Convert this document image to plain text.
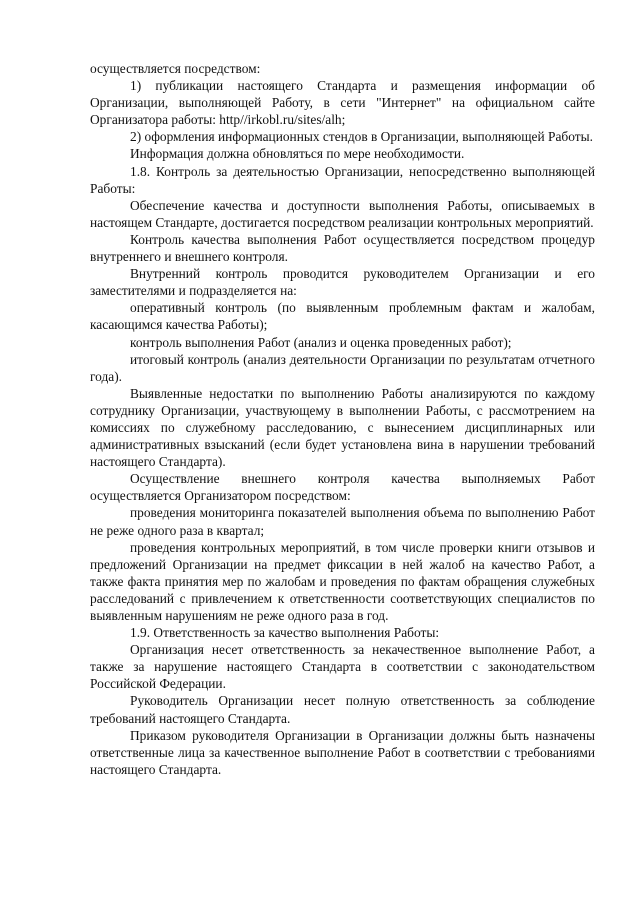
осуществляется посредством:

1) публикации настоящего Стандарта и размещения информации об Организации, выполняющей Работу, в сети "Интернет" на официальном сайте Организатора работы: http//irkobl.ru/sites/alh;

2) оформления информационных стендов в Организации, выполняющей Работы.

Информация должна обновляться по мере необходимости.

1.8. Контроль за деятельностью Организации, непосредственно выполняющей Работы:

Обеспечение качества и доступности выполнения Работы, описываемых в настоящем Стандарте, достигается посредством реализации контрольных мероприятий.

Контроль качества выполнения Работ осуществляется посредством процедур внутреннего и внешнего контроля.

Внутренний контроль проводится руководителем Организации и его заместителями и подразделяется на:

оперативный контроль (по выявленным проблемным фактам и жалобам, касающимся качества Работы);

контроль выполнения Работ (анализ и оценка проведенных работ);

итоговый контроль (анализ деятельности Организации по результатам отчетного года).

Выявленные недостатки по выполнению Работы анализируются по каждому сотруднику Организации, участвующему в выполнении Работы, с рассмотрением на комиссиях по служебному расследованию, с вынесением дисциплинарных или административных взысканий (если будет установлена вина в нарушении требований настоящего Стандарта).

Осуществление внешнего контроля качества выполняемых Работ осуществляется Организатором посредством:

проведения мониторинга показателей выполнения объема по выполнению Работ не реже одного раза в квартал;

проведения контрольных мероприятий, в том числе проверки книги отзывов и предложений Организации на предмет фиксации в ней жалоб на качество Работ, а также факта принятия мер по жалобам и проведения по фактам обращения служебных расследований с привлечением к ответственности соответствующих специалистов по выявленным нарушениям не реже одного раза в год.

1.9. Ответственность за качество выполнения Работы:

Организация несет ответственность за некачественное выполнение Работ, а также за нарушение настоящего Стандарта в соответствии с законодательством Российской Федерации.

Руководитель Организации несет полную ответственность за соблюдение требований настоящего Стандарта.

Приказом руководителя Организации в Организации должны быть назначены ответственные лица за качественное выполнение Работ в соответствии с требованиями настоящего Стандарта.
